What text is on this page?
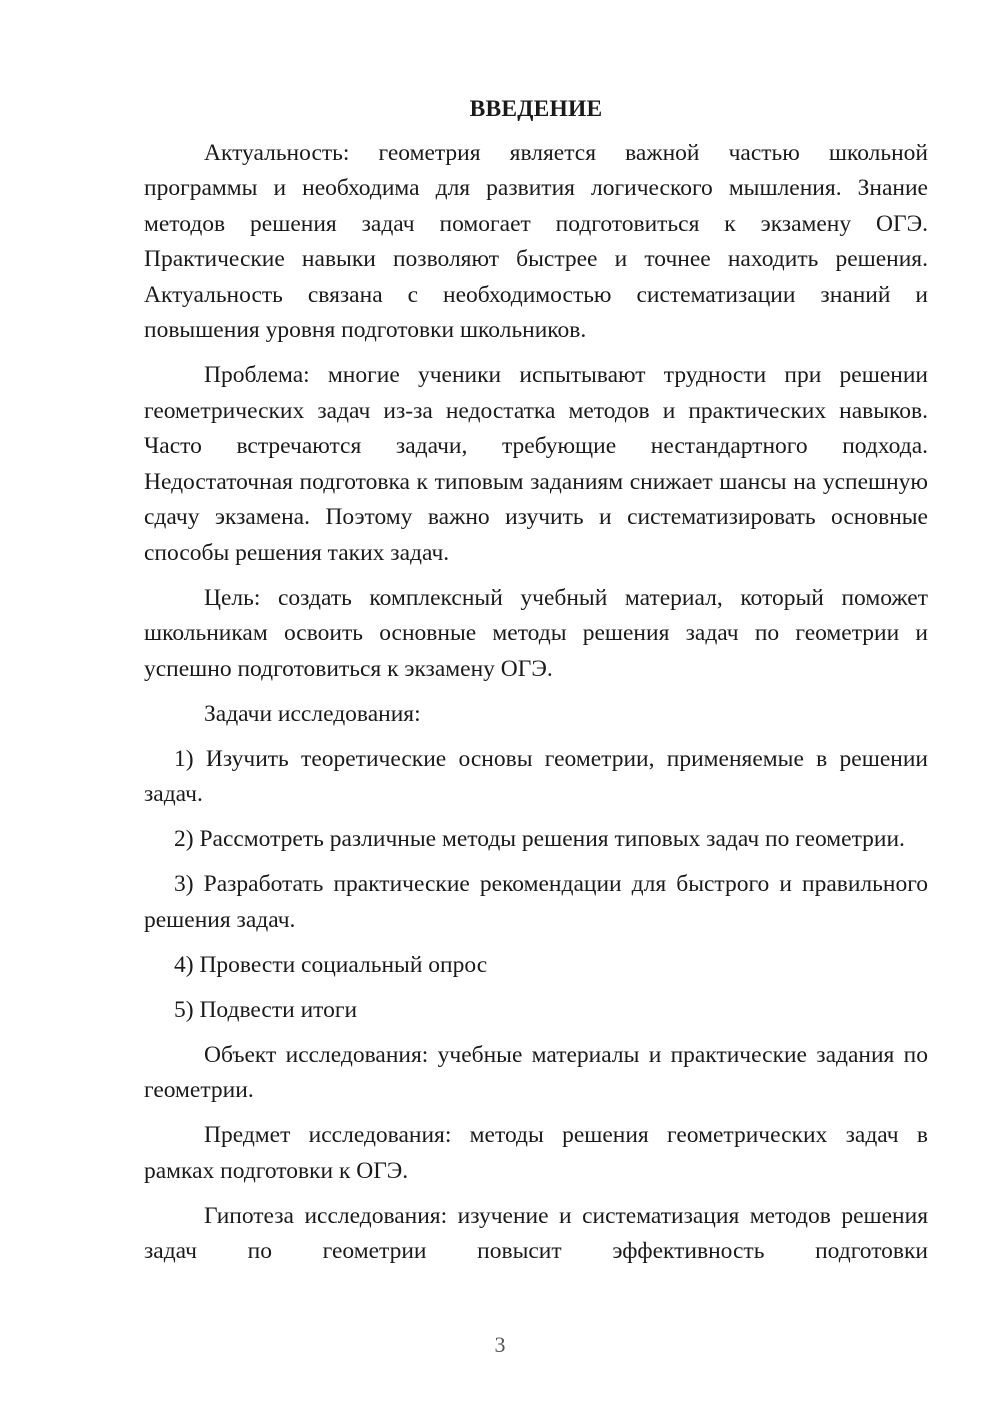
ВВЕДЕНИЕ

Актуальность: геометрия является важной частью школьной программы и необходима для развития логического мышления. Знание методов решения задач помогает подготовиться к экзамену ОГЭ. Практические навыки позволяют быстрее и точнее находить решения. Актуальность связана с необходимостью систематизации знаний и повышения уровня подготовки школьников.

Проблема: многие ученики испытывают трудности при решении геометрических задач из-за недостатка методов и практических навыков. Часто встречаются задачи, требующие нестандартного подхода. Недостаточная подготовка к типовым заданиям снижает шансы на успешную сдачу экзамена. Поэтому важно изучить и систематизировать основные способы решения таких задач.

Цель: создать комплексный учебный материал, который поможет школьникам освоить основные методы решения задач по геометрии и успешно подготовиться к экзамену ОГЭ.

Задачи исследования:

1) Изучить теоретические основы геометрии, применяемые в решении задач.

2) Рассмотреть различные методы решения типовых задач по геометрии.

3) Разработать практические рекомендации для быстрого и правильного решения задач.

4) Провести социальный опрос

5) Подвести итоги

Объект исследования: учебные материалы и практические задания по геометрии.

Предмет исследования: методы решения геометрических задач в рамках подготовки к ОГЭ.

Гипотеза исследования: изучение и систематизация методов решения задач по геометрии повысит эффективность подготовки

3
